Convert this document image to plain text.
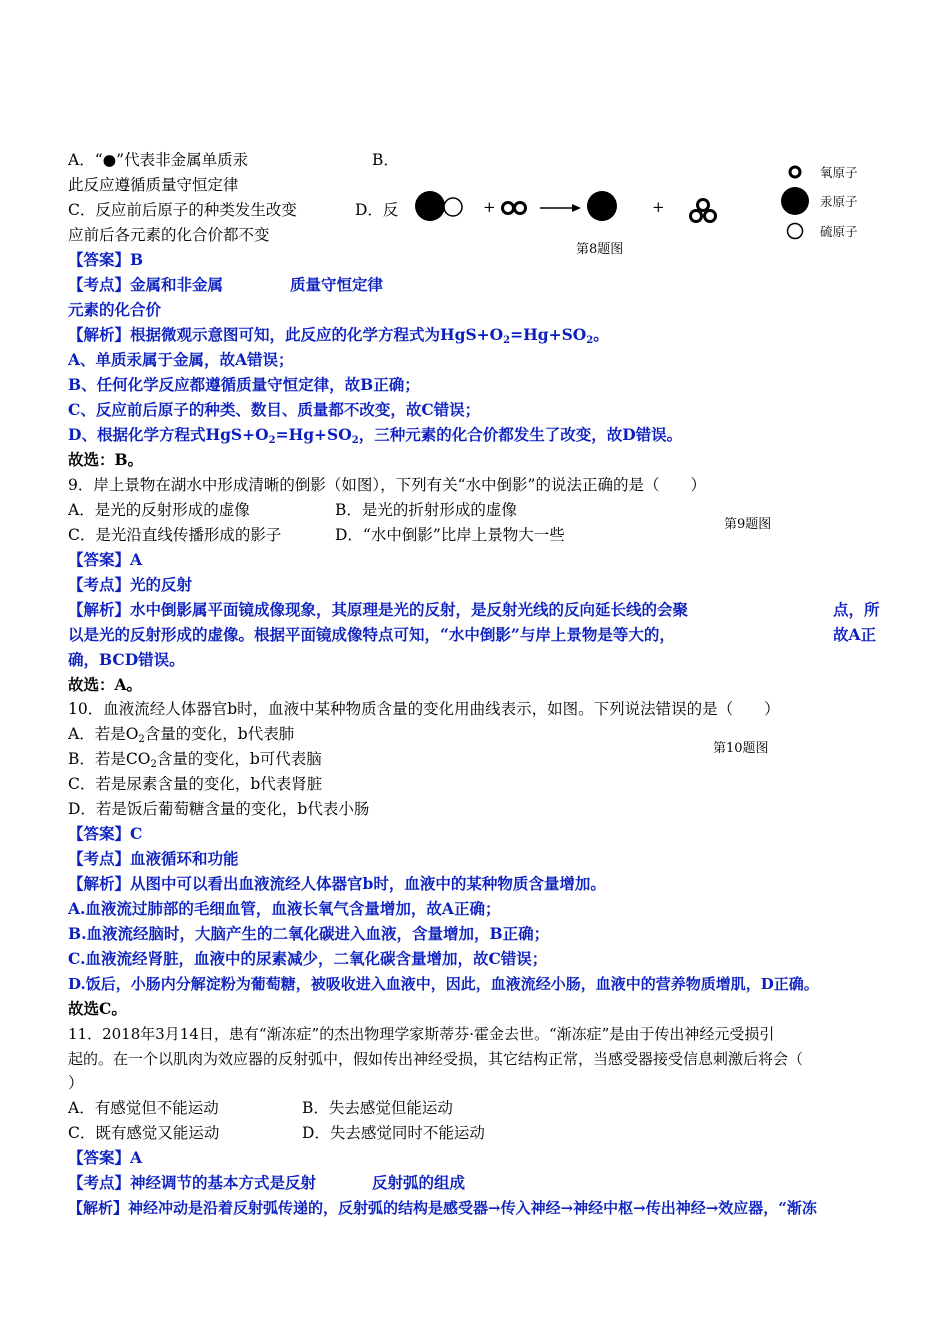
A．“●”代表非金属单质汞	B．
此反应遵循质量守恒定律
C．反应前后原子的种类发生改变	D．反
应前后各元素的化合价都不变
+	+
氧原子
汞原子
硫原子
第8题图
【答案】B
【考点】金属和非金属	质量守恒定律
元素的化合价
【解析】根据微观示意图可知，此反应的化学方程式为$HgS+O_2=Hg+SO_2$。
A、单质汞属于金属，故A错误；
B、任何化学反应都遵循质量守恒定律，故B正确；
C、反应前后原子的种类、数目、质量都不改变，故C错误；
D、根据化学方程式$HgS+O_2=Hg+SO_2$，三种元素的化合价都发生了改变，故D错误。
故选：B。
9．岸上景物在湖水中形成清晰的倒影（如图），下列有关“水中倒影”的说法正确的是（　　）
A．是光的反射形成的虚像	B．是光的折射形成的虚像
C．是光沿直线传播形成的影子	D．“水中倒影”比岸上景物大一些
第9题图
【答案】A
【考点】光的反射
【解析】水中倒影属平面镜成像现象，其原理是光的反射，是反射光线的反向延长线的会聚	点，所
以是光的反射形成的虚像。根据平面镜成像特点可知，“水中倒影”与岸上景物是等大的，	故A正
确，BCD错误。
故选：A。
10．血液流经人体器官b时，血液中某种物质含量的变化用曲线表示，如图。下列说法错误的是（　　）
A．若是$O_2$含量的变化，b代表肺
B．若是$CO_2$含量的变化，b可代表脑
第10题图
C．若是尿素含量的变化，b代表肾脏
D．若是饭后葡萄糖含量的变化，b代表小肠
【答案】C
【考点】血液循环和功能
【解析】从图中可以看出血液流经人体器官b时，血液中的某种物质含量增加。
A.血液流过肺部的毛细血管，血液长氧气含量增加，故A正确；
B.血液流经脑时，大脑产生的二氧化碳进入血液，含量增加，B正确；
C.血液流经肾脏，血液中的尿素减少，二氧化碳含量增加，故C错误；
D.饭后，小肠内分解淀粉为葡萄糖，被吸收进入血液中，因此，血液流经小肠，血液中的营养物质增肌，D正确。
故选C。
11．2018年3月14日，患有“渐冻症”的杰出物理学家斯蒂芬·霍金去世。“渐冻症”是由于传出神经元受损引
起的。在一个以肌肉为效应器的反射弧中，假如传出神经受损，其它结构正常，当感受器接受信息刺激后将会（
）
A．有感觉但不能运动	B．失去感觉但能运动
C．既有感觉又能运动	D．失去感觉同时不能运动
【答案】A
【考点】神经调节的基本方式是反射	反射弧的组成
【解析】神经冲动是沿着反射弧传递的，反射弧的结构是感受器→传入神经→神经中枢→传出神经→效应器，“渐冻
